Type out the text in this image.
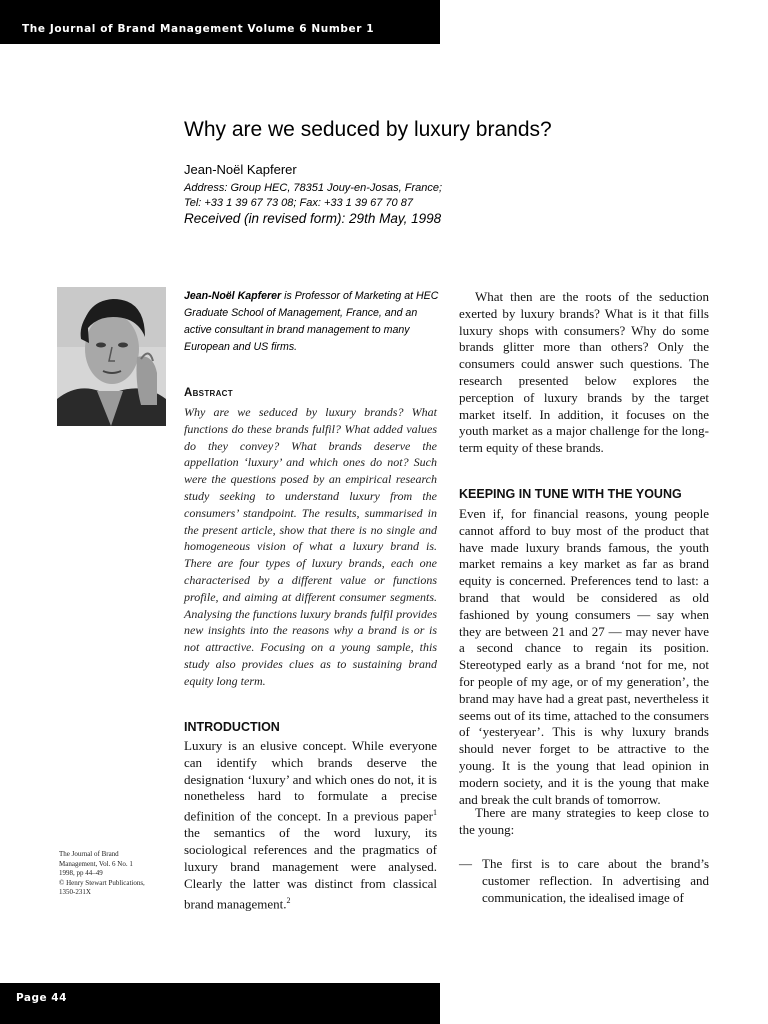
The Journal of Brand Management Volume 6 Number 1
Why are we seduced by luxury brands?
Jean-Noël Kapferer
Address: Group HEC, 78351 Jouy-en-Josas, France;
Tel: +33 1 39 67 73 08; Fax: +33 1 39 67 70 87
Received (in revised form): 29th May, 1998
Jean-Noël Kapferer is Professor of Marketing at HEC Graduate School of Management, France, and an active consultant in brand management to many European and US firms.
Abstract
Why are we seduced by luxury brands? What functions do these brands fulfil? What added values do they convey? What brands deserve the appellation ‘luxury’ and which ones do not? Such were the questions posed by an empirical research study seeking to understand luxury from the consumers’ standpoint. The results, summarised in the present article, show that there is no single and homogeneous vision of what a luxury brand is. There are four types of luxury brands, each one characterised by a different value or functions profile, and aiming at different consumer segments. Analysing the functions luxury brands fulfil provides new insights into the reasons why a brand is or is not attractive. Focusing on a young sample, this study also provides clues as to sustaining brand equity long term.
INTRODUCTION
Luxury is an elusive concept. While everyone can identify which brands deserve the designation ‘luxury’ and which ones do not, it is nonetheless hard to formulate a precise definition of the concept. In a previous paper$^1$ the semantics of the word luxury, its sociological references and the pragmatics of luxury brand management were analysed. Clearly the latter was distinct from classical brand management.$^2$
The Journal of Brand
Management, Vol. 6 No. 1
1998, pp 44–49
© Henry Stewart Publications,
1350-231X
What then are the roots of the seduction exerted by luxury brands? What is it that fills luxury shops with consumers? Why do some brands glitter more than others? Only the consumers could answer such questions. The research presented below explores the perception of luxury brands by the target market itself. In addition, it focuses on the youth market as a major challenge for the long-term equity of these brands.
KEEPING IN TUNE WITH THE YOUNG
Even if, for financial reasons, young people cannot afford to buy most of the product that have made luxury brands famous, the youth market remains a key market as far as brand equity is concerned. Preferences tend to last: a brand that would be considered as old fashioned by young consumers — say when they are between 21 and 27 — may never have a second chance to regain its position. Stereotyped early as a brand ‘not for me, not for people of my age, or of my generation’, the brand may have had a great past, nevertheless it seems out of its time, attached to the consumers of ‘yesteryear’. This is why luxury brands should never forget to be attractive to the young. It is the young that lead opinion in modern society, and it is the young that make and break the cult brands of tomorrow.
There are many strategies to keep close to the young:
— The first is to care about the brand’s customer reflection. In advertising and communication, the idealised image of
Page 44
